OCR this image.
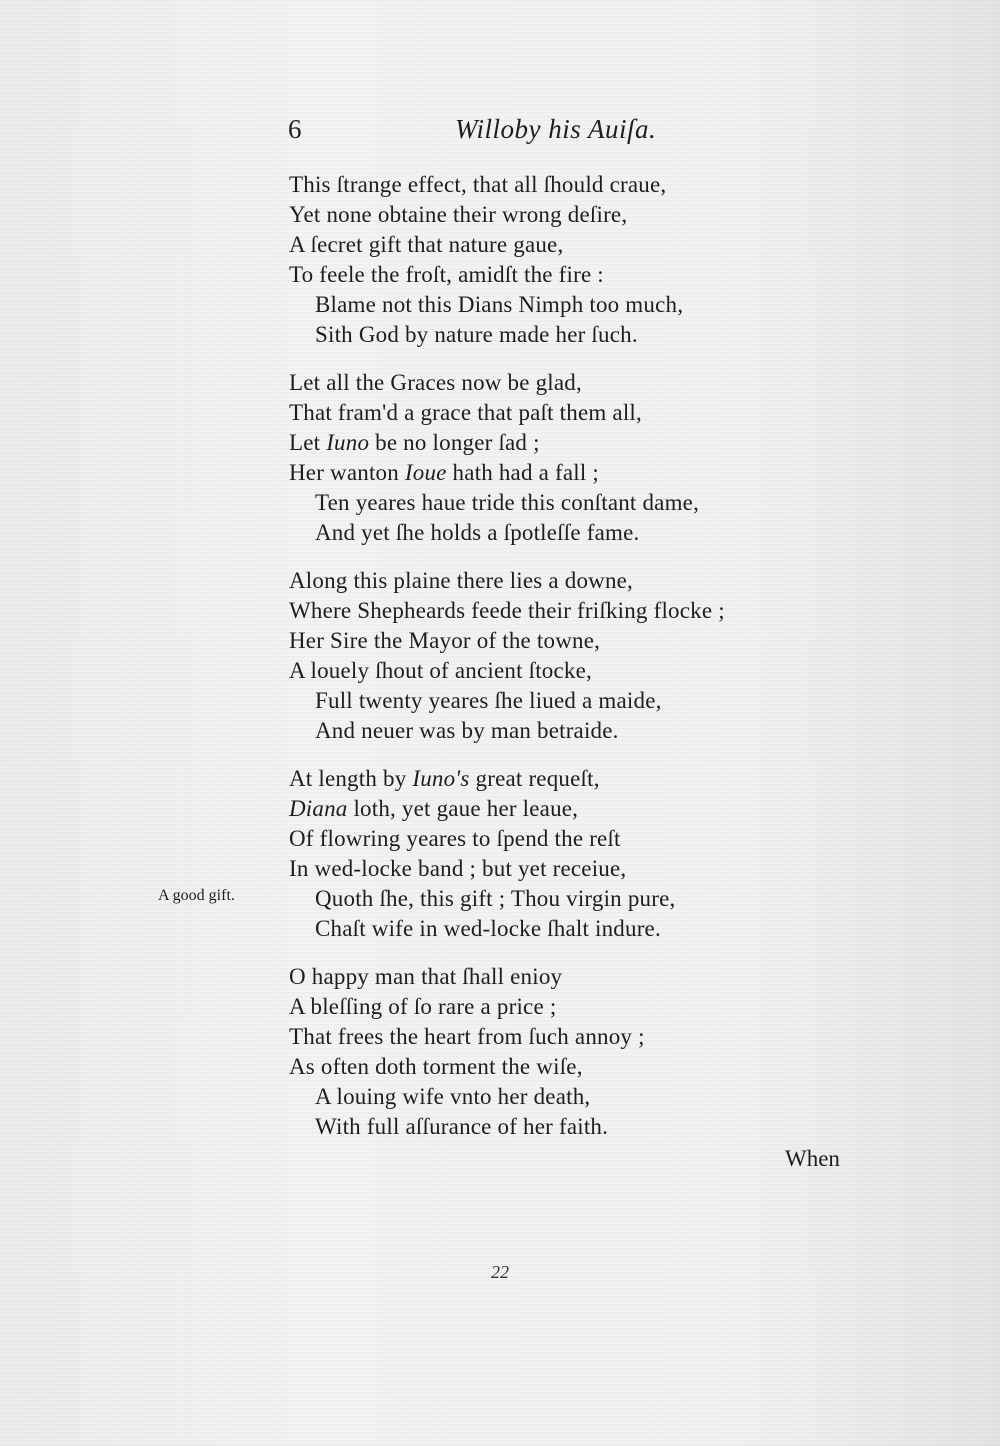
6	Willoby his Auiſa.
This ſtrange effect, that all ſhould craue,
Yet none obtaine their wrong deſire,
A ſecret gift that nature gaue,
To feele the froſt, amidſt the fire :
Blame not this Dians Nimph too much,
Sith God by nature made her ſuch.
Let all the Graces now be glad,
That fram'd a grace that paſt them all,
Let Iuno be no longer ſad ;
Her wanton Ioue hath had a fall ;
Ten yeares haue tride this conſtant dame,
And yet ſhe holds a ſpotleſſe fame.
Along this plaine there lies a downe,
Where Shepheards feede their friſking flocke ;
Her Sire the Mayor of the towne,
A louely ſhout of ancient ſtocke,
Full twenty yeares ſhe liued a maide,
And neuer was by man betraide.
At length by Iuno's great requeſt,
Diana loth, yet gaue her leaue,
Of flowring yeares to ſpend the reſt
In wed-locke band ; but yet receiue,
Quoth ſhe, this gift ; Thou virgin pure,
Chaſt wife in wed-locke ſhalt indure.
O happy man that ſhall enioy
A bleſſing of ſo rare a price ;
That frees the heart from ſuch annoy ;
As often doth torment the wiſe,
A louing wife vnto her death,
With full aſſurance of her faith.
A good gift.
When
22
